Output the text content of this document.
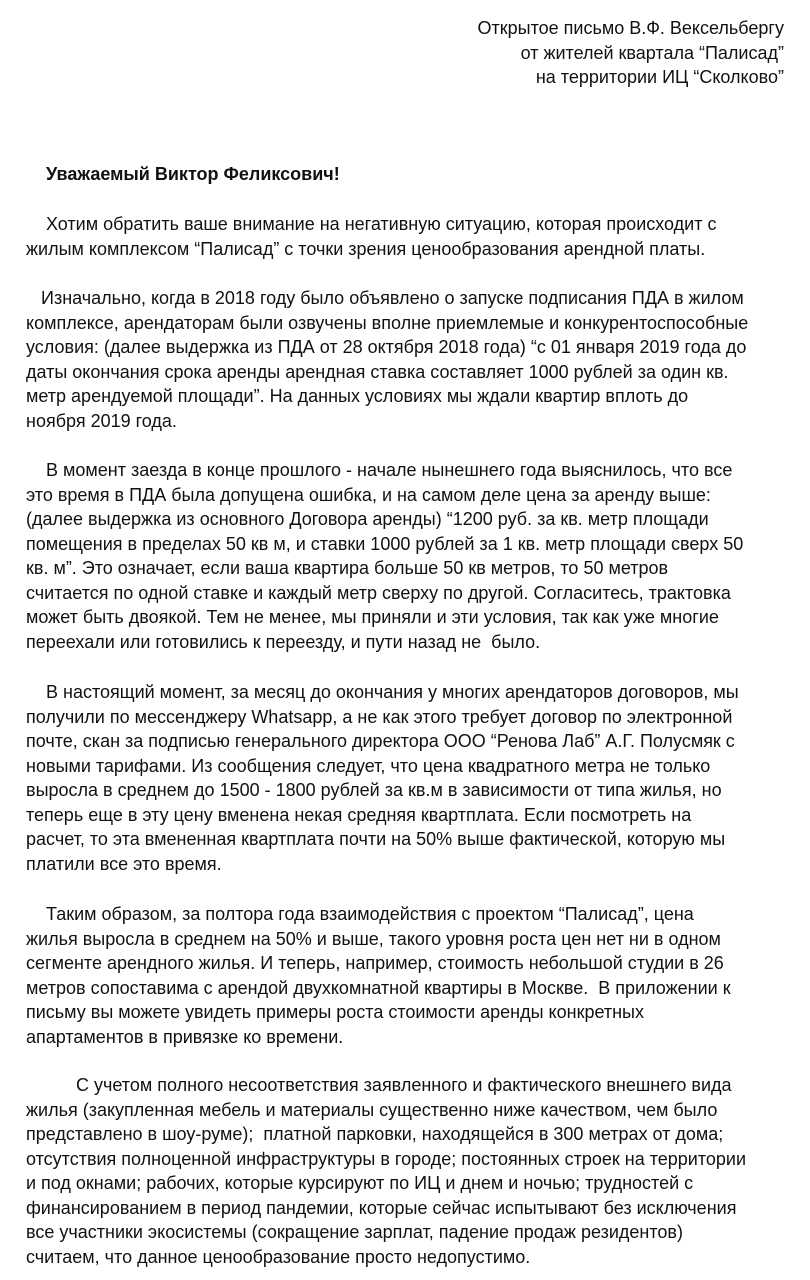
Открытое письмо В.Ф. Вексельбергу
от жителей квартала “Палисад”
на территории ИЦ “Сколково”
Уважаемый Виктор Феликсович!
Хотим обратить ваше внимание на негативную ситуацию, которая происходит с
жилым комплексом “Палисад” с точки зрения ценообразования арендной платы.
Изначально, когда в 2018 году было объявлено о запуске подписания ПДА в жилом
комплексе, арендаторам были озвучены вполне приемлемые и конкурентоспособные
условия: (далее выдержка из ПДА от 28 октября 2018 года) “с 01 января 2019 года до
даты окончания срока аренды арендная ставка составляет 1000 рублей за один кв.
метр арендуемой площади”. На данных условиях мы ждали квартир вплоть до
ноября 2019 года.
В момент заезда в конце прошлого - начале нынешнего года выяснилось, что все
это время в ПДА была допущена ошибка, и на самом деле цена за аренду выше:
(далее выдержка из основного Договора аренды) “1200 руб. за кв. метр площади
помещения в пределах 50 кв м, и ставки 1000 рублей за 1 кв. метр площади сверх 50
кв. м”. Это означает, если ваша квартира больше 50 кв метров, то 50 метров
считается по одной ставке и каждый метр сверху по другой. Согласитесь, трактовка
может быть двоякой. Тем не менее, мы приняли и эти условия, так как уже многие
переехали или готовились к переезду, и пути назад не  было.
В настоящий момент, за месяц до окончания у многих арендаторов договоров, мы
получили по мессенджеру Whatsapp, а не как этого требует договор по электронной
почте, скан за подписью генерального директора ООО “Ренова Лаб” А.Г. Полусмяк с
новыми тарифами. Из сообщения следует, что цена квадратного метра не только
выросла в среднем до 1500 - 1800 рублей за кв.м в зависимости от типа жилья, но
теперь еще в эту цену вменена некая средняя квартплата. Если посмотреть на
расчет, то эта вмененная квартплата почти на 50% выше фактической, которую мы
платили все это время.
Таким образом, за полтора года взаимодействия с проектом “Палисад”, цена
жилья выросла в среднем на 50% и выше, такого уровня роста цен нет ни в одном
сегменте арендного жилья. И теперь, например, стоимость небольшой студии в 26
метров сопоставима с арендой двухкомнатной квартиры в Москве.  В приложении к
письму вы можете увидеть примеры роста стоимости аренды конкретных
апартаментов в привязке ко времени.
С учетом полного несоответствия заявленного и фактического внешнего вида
жилья (закупленная мебель и материалы существенно ниже качеством, чем было
представлено в шоу-руме);  платной парковки, находящейся в 300 метрах от дома;
отсутствия полноценной инфраструктуры в городе; постоянных строек на территории
и под окнами; рабочих, которые курсируют по ИЦ и днем и ночью; трудностей с
финансированием в период пандемии, которые сейчас испытывают без исключения
все участники экосистемы (сокращение зарплат, падение продаж резидентов)
считаем, что данное ценообразование просто недопустимо.
